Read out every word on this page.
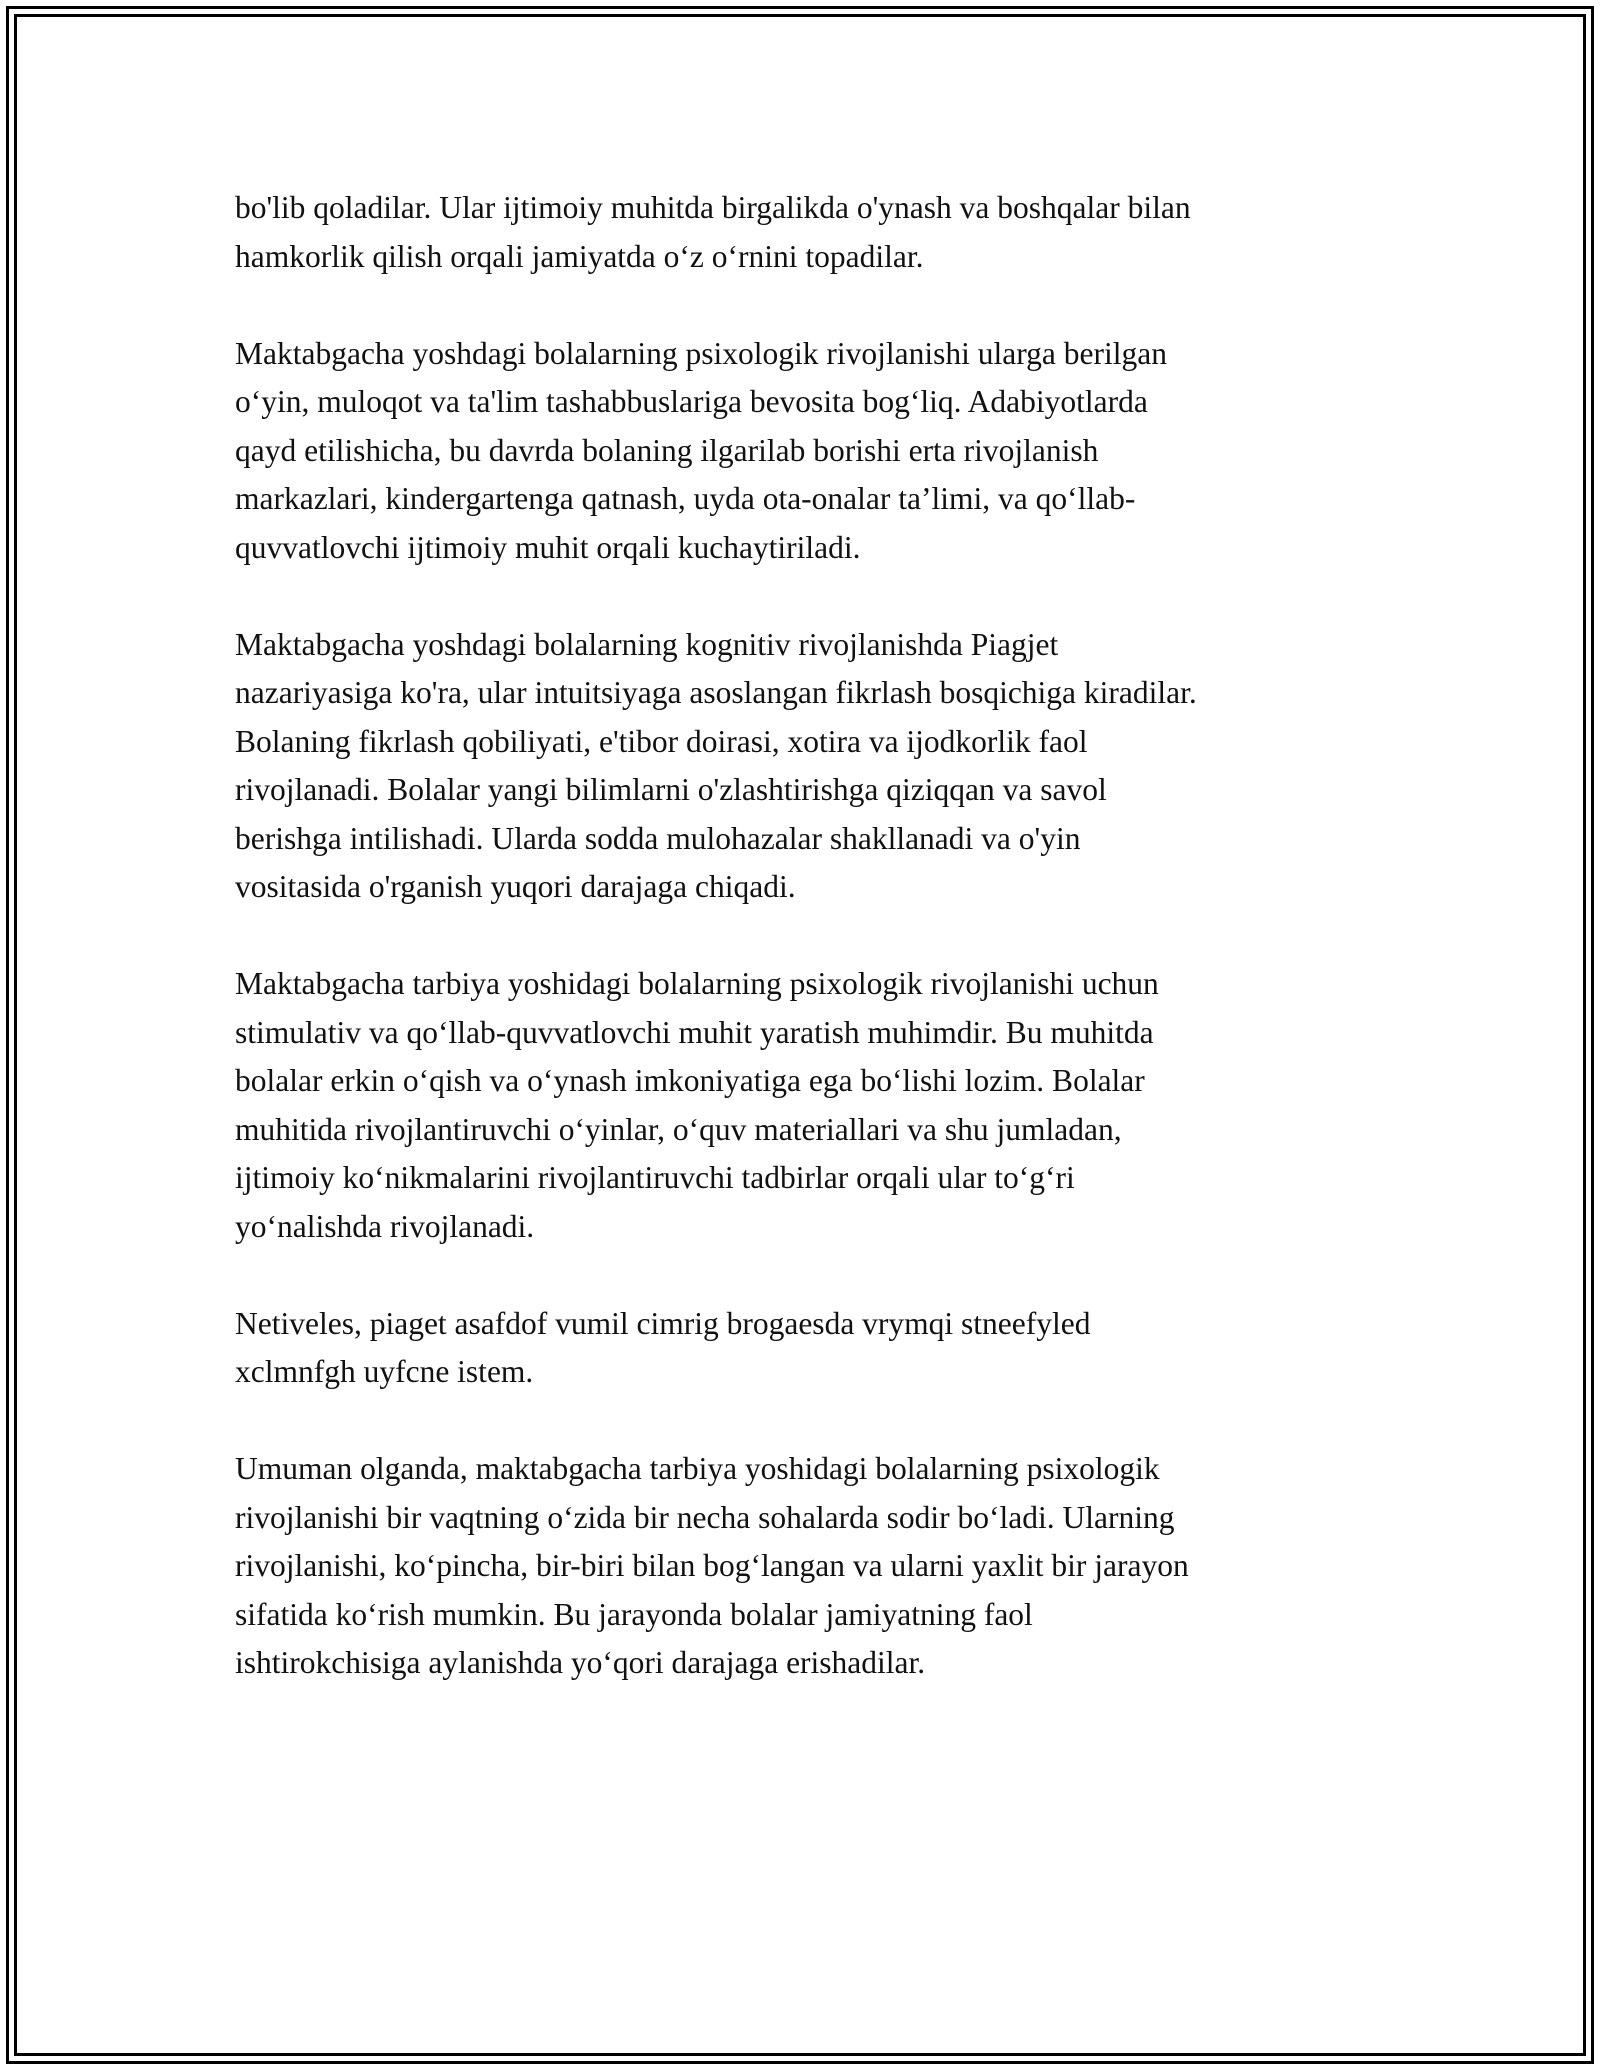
bo'lib qoladilar. Ular ijtimoiy muhitda birgalikda o'ynash va boshqalar bilan
hamkorlik qilish orqali jamiyatda o‘z o‘rnini topadilar.

Maktabgacha yoshdagi bolalarning psixologik rivojlanishi ularga berilgan
o‘yin, muloqot va ta'lim tashabbuslariga bevosita bog‘liq. Adabiyotlarda
qayd etilishicha, bu davrda bolaning ilgarilab borishi erta rivojlanish
markazlari, kindergartenga qatnash, uyda ota-onalar ta’limi, va qo‘llab-
quvvatlovchi ijtimoiy muhit orqali kuchaytiriladi.

Maktabgacha yoshdagi bolalarning kognitiv rivojlanishda Piagjet
nazariyasiga ko'ra, ular intuitsiyaga asoslangan fikrlash bosqichiga kiradilar.
Bolaning fikrlash qobiliyati, e'tibor doirasi, xotira va ijodkorlik faol
rivojlanadi. Bolalar yangi bilimlarni o'zlashtirishga qiziqqan va savol
berishga intilishadi. Ularda sodda mulohazalar shakllanadi va o'yin
vositasida o'rganish yuqori darajaga chiqadi.

Maktabgacha tarbiya yoshidagi bolalarning psixologik rivojlanishi uchun
stimulativ va qo‘llab-quvvatlovchi muhit yaratish muhimdir. Bu muhitda
bolalar erkin o‘qish va o‘ynash imkoniyatiga ega bo‘lishi lozim. Bolalar
muhitida rivojlantiruvchi o‘yinlar, o‘quv materiallari va shu jumladan,
ijtimoiy ko‘nikmalarini rivojlantiruvchi tadbirlar orqali ular to‘g‘ri
yo‘nalishda rivojlanadi.

Netiveles, piaget asafdof vumil cimrig brogaesda vrymqi stneefyled
xclmnfgh uyfcne istem.

Umuman olganda, maktabgacha tarbiya yoshidagi bolalarning psixologik
rivojlanishi bir vaqtning o‘zida bir necha sohalarda sodir bo‘ladi. Ularning
rivojlanishi, ko‘pincha, bir-biri bilan bog‘langan va ularni yaxlit bir jarayon
sifatida ko‘rish mumkin. Bu jarayonda bolalar jamiyatning faol
ishtirokchisiga aylanishda yo‘qori darajaga erishadilar.
